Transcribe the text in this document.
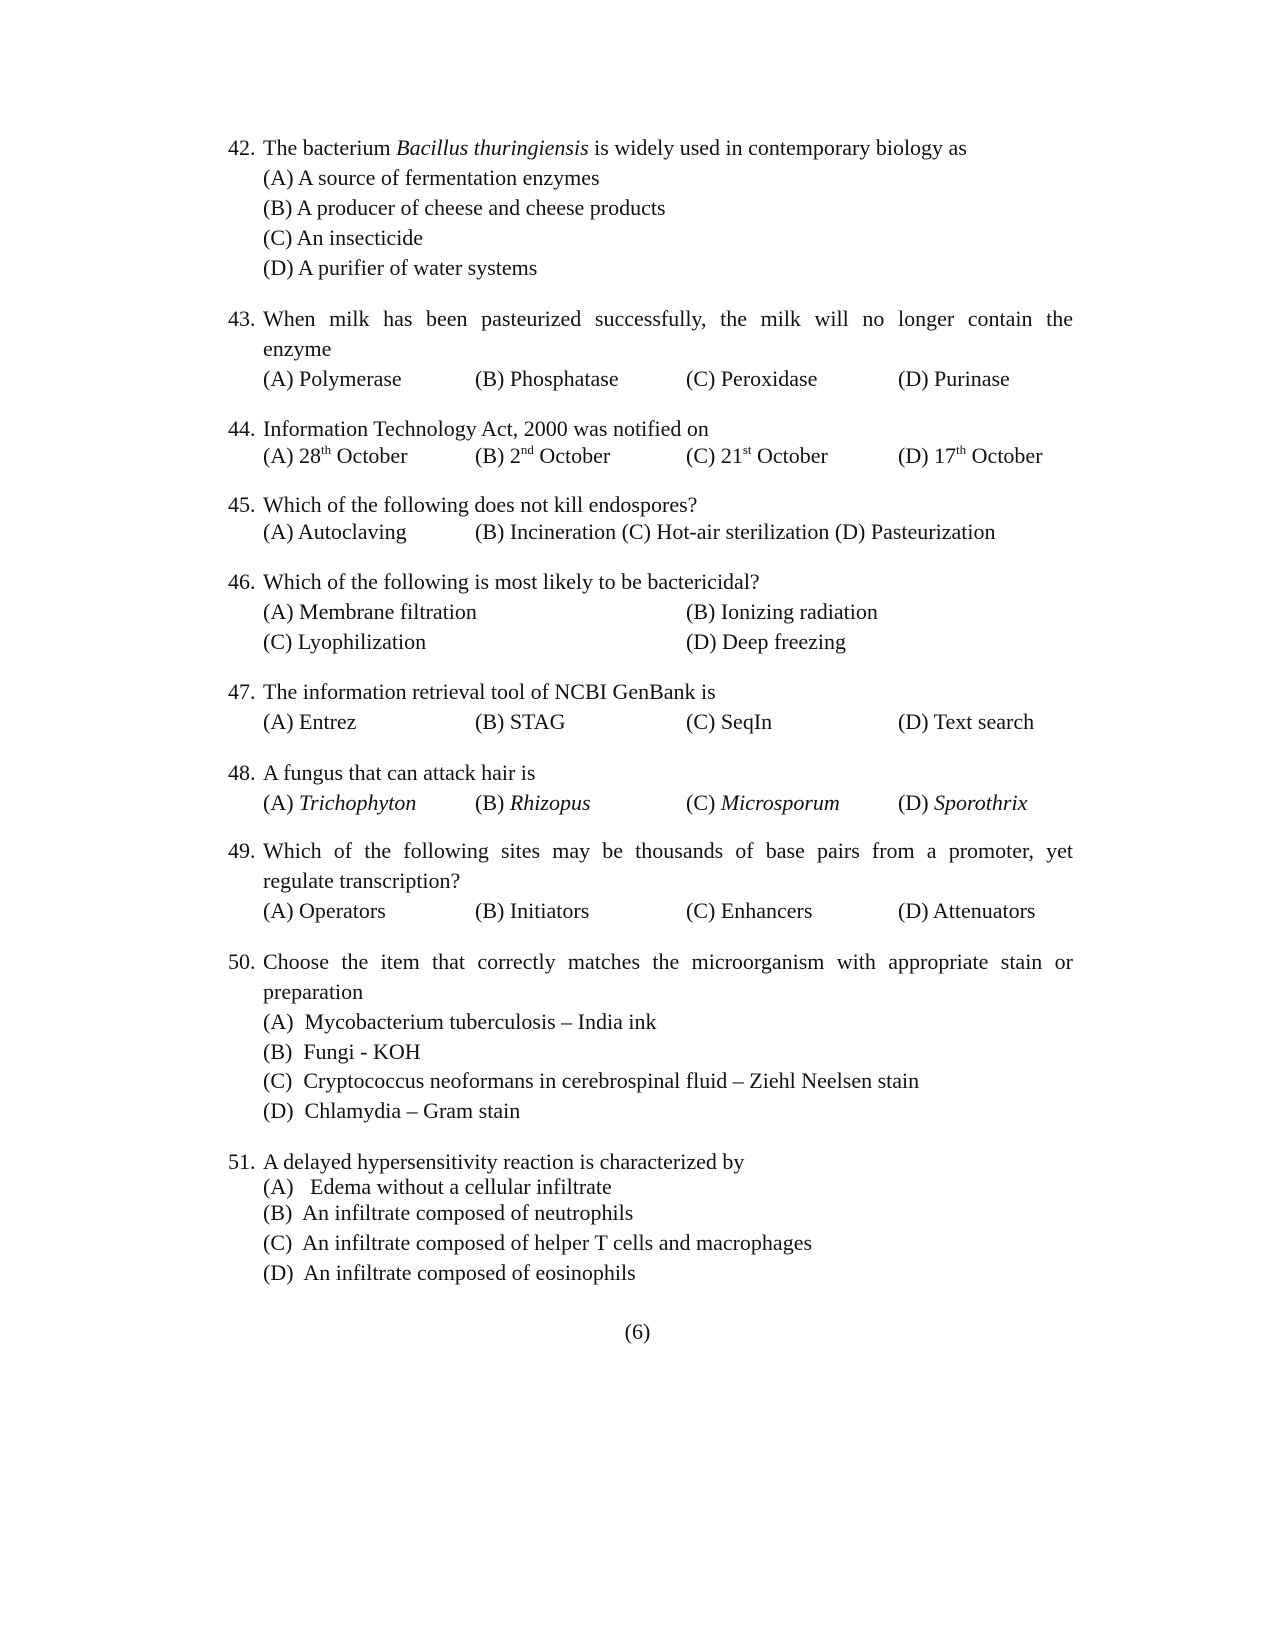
42. The bacterium Bacillus thuringiensis is widely used in contemporary biology as
(A) A source of fermentation enzymes
(B) A producer of cheese and cheese products
(C) An insecticide
(D) A purifier of water systems
43. When milk has been pasteurized successfully, the milk will no longer contain the
enzyme
(A) Polymerase	(B) Phosphatase	(C) Peroxidase	(D) Purinase
44. Information Technology Act, 2000 was notified on
(A) 28th October	(B) 2nd October	(C) 21st October	(D) 17th October
45. Which of the following does not kill endospores?
(A) Autoclaving	(B) Incineration (C) Hot-air sterilization (D) Pasteurization
46. Which of the following is most likely to be bactericidal?
(A) Membrane filtration	(B) Ionizing radiation
(C) Lyophilization	(D) Deep freezing
47. The information retrieval tool of NCBI GenBank is
(A) Entrez	(B) STAG	(C) SeqIn	(D) Text search
48. A fungus that can attack hair is
(A) Trichophyton	(B) Rhizopus	(C) Microsporum	(D) Sporothrix
49. Which of the following sites may be thousands of base pairs from a promoter, yet
regulate transcription?
(A) Operators	(B) Initiators	(C) Enhancers	(D) Attenuators
50. Choose the item that correctly matches the microorganism with appropriate stain or
preparation
(A)  Mycobacterium tuberculosis – India ink
(B)  Fungi - KOH
(C)  Cryptococcus neoformans in cerebrospinal fluid – Ziehl Neelsen stain
(D)  Chlamydia – Gram stain
51. A delayed hypersensitivity reaction is characterized by
(A)   Edema without a cellular infiltrate
(B)  An infiltrate composed of neutrophils
(C)  An infiltrate composed of helper T cells and macrophages
(D)  An infiltrate composed of eosinophils
(6)
